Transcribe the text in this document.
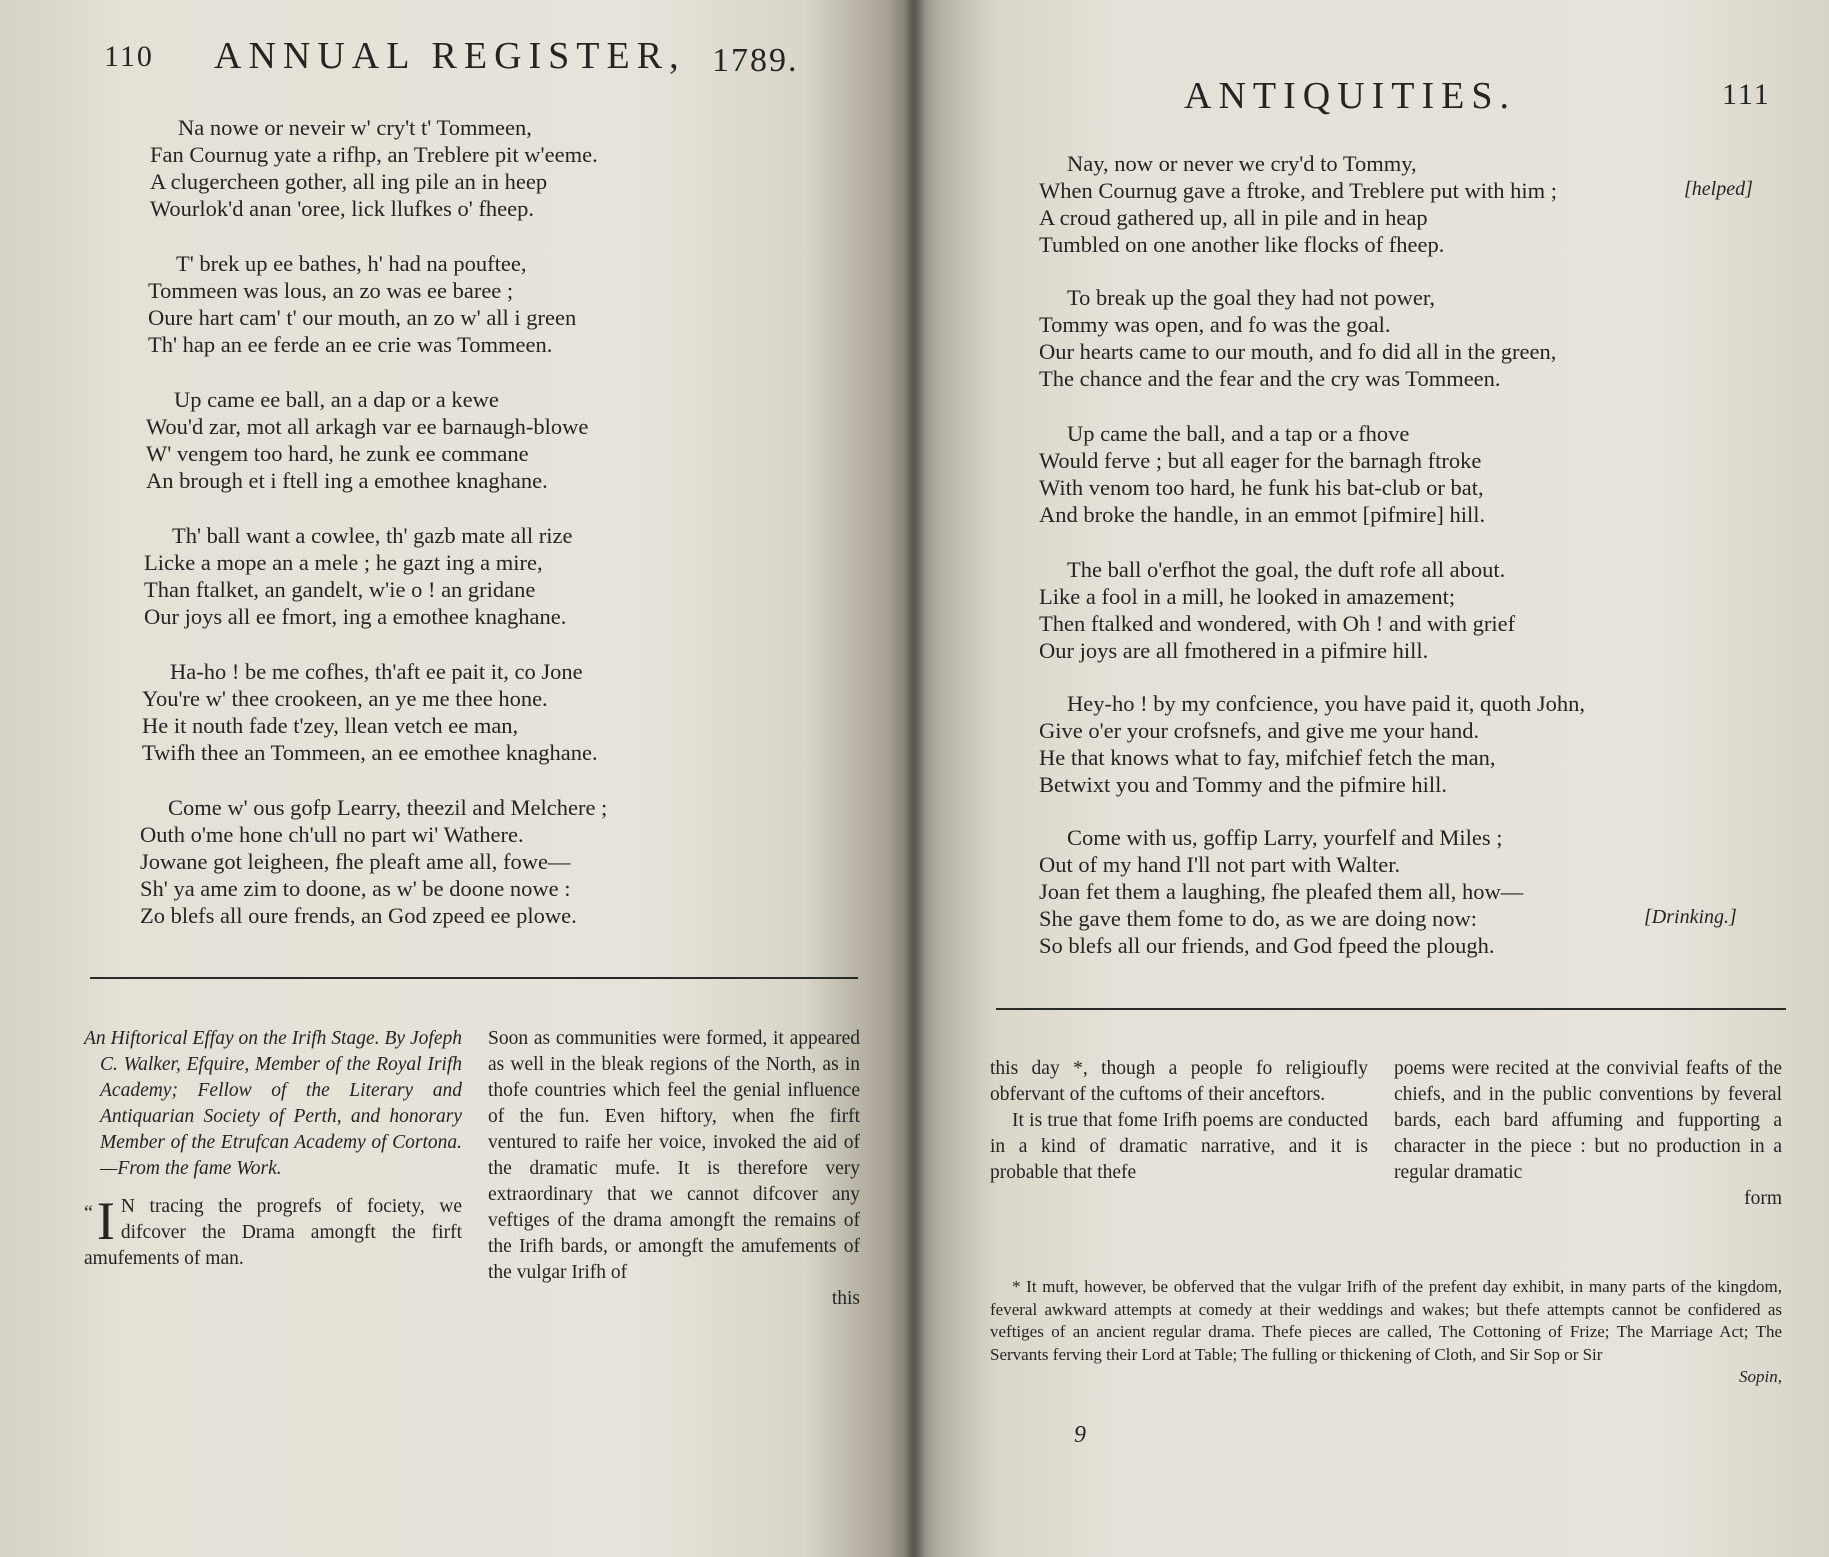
110 ANNUAL REGISTER, 1789.
Na nowe or neveir w' cry't t' Tommeen,
Fan Cournug yate a rifhp, an Treblere pit w'eeme.
A clugercheen gother, all ing pile an in heep
Wourlok'd anan 'oree, lick llufkes o' fheep.
T' brek up ee bathes, h' had na pouftee,
Tommeen was lous, an zo was ee baree ;
Oure hart cam' t' our mouth, an zo w' all i green
Th' hap an ee ferde an ee crie was Tommeen.
Up came ee ball, an a dap or a kewe
Wou'd zar, mot all arkagh var ee barnaugh-blowe
W' vengem too hard, he zunk ee commane
An brough et i ftell ing a emothee knaghane.
Th' ball want a cowlee, th' gazb mate all rize
Licke a mope an a mele ; he gazt ing a mire,
Than ftalket, an gandelt, w'ie o ! an gridane
Our joys all ee fmort, ing a emothee knaghane.
Ha-ho ! be me cofhes, th'aft ee pait it, co Jone
You're w' thee crookeen, an ye me thee hone.
He it nouth fade t'zey, llean vetch ee man,
Twifh thee an Tommeen, an ee emothee knaghane.
Come w' ous gofp Learry, theezil and Melchere ;
Outh o'me hone ch'ull no part wi' Wathere.
Jowane got leigheen, fhe pleaft ame all, fowe—
Sh' ya ame zim to doone, as w' be doone nowe :
Zo blefs all oure frends, an God zpeed ee plowe.

An Hiftorical Effay on the Irifh Stage. By Jofeph C. Walker, Efquire, Member of the Royal Irifh Academy; Fellow of the Literary and Antiquarian Society of Perth, and honorary Member of the Etrufcan Academy of Cortona.—From the fame Work.

“ I N tracing the progrefs of fociety, we difcover the Drama amongft the firft amufements of man.

Soon as communities were formed, it appeared as well in the bleak regions of the North, as in thofe countries which feel the genial influence of the fun. Even hiftory, when fhe firft ventured to raife her voice, invoked the aid of the dramatic mufe. It is therefore very extraordinary that we cannot difcover any veftiges of the drama amongft the remains of the Irifh bards, or amongft the amufements of the vulgar Irifh of

this

ANTIQUITIES.	111
Nay, now or never we cry'd to Tommy,
When Cournug gave a ftroke, and Treblere put with him ;
A croud gathered up, all in pile and in heap
Tumbled on one another like flocks of fheep.
[helped]
To break up the goal they had not power,
Tommy was open, and fo was the goal.
Our hearts came to our mouth, and fo did all in the green,
The chance and the fear and the cry was Tommeen.
Up came the ball, and a tap or a fhove
Would ferve ; but all eager for the barnagh ftroke
With venom too hard, he funk his bat-club or bat,
And broke the handle, in an emmot [pifmire] hill.
The ball o'erfhot the goal, the duft rofe all about.
Like a fool in a mill, he looked in amazement;
Then ftalked and wondered, with Oh ! and with grief
Our joys are all fmothered in a pifmire hill.
Hey-ho ! by my confcience, you have paid it, quoth John,
Give o'er your crofsnefs, and give me your hand.
He that knows what to fay, mifchief fetch the man,
Betwixt you and Tommy and the pifmire hill.
Come with us, goffip Larry, yourfelf and Miles ;
Out of my hand I'll not part with Walter.
Joan fet them a laughing, fhe pleafed them all, how—
She gave them fome to do, as we are doing now:
So blefs all our friends, and God fpeed the plough.
[Drinking.]

this day *, though a people fo religioufly obfervant of the cuftoms of their anceftors.

It is true that fome Irifh poems are conducted in a kind of dramatic narrative, and it is probable that thefe

poems were recited at the convivial feafts of the chiefs, and in the public conventions by feveral bards, each bard affuming and fupporting a character in the piece : but no production in a regular dramatic

form

* It muft, however, be obferved that the vulgar Irifh of the prefent day exhibit, in many parts of the kingdom, feveral awkward attempts at comedy at their weddings and wakes; but thefe attempts cannot be confidered as veftiges of an ancient regular drama. Thefe pieces are called, The Cottoning of Frize; The Marriage Act; The Servants ferving their Lord at Table; The fulling or thickening of Cloth, and Sir Sop or Sir

Sopin,

9
